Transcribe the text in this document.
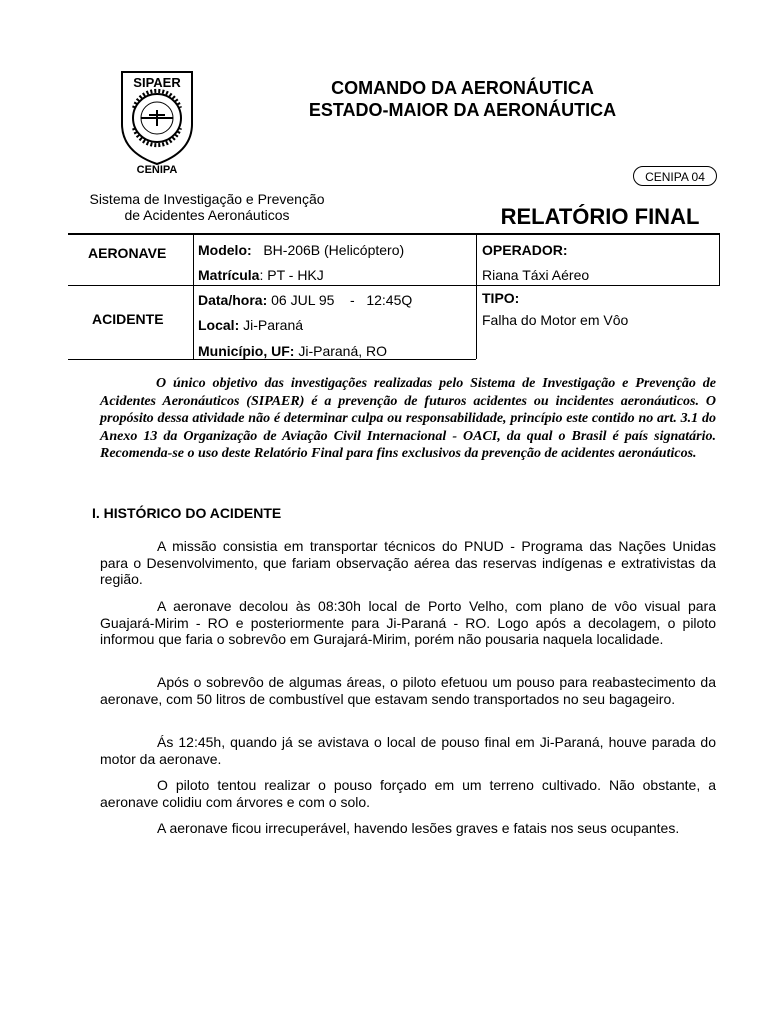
SIPAER
CENIPA
COMANDO DA AERONÁUTICA
ESTADO-MAIOR DA AERONÁUTICA
CENIPA 04
Sistema de Investigação e Prevenção
de Acidentes Aeronáuticos	RELATÓRIO FINAL
AERONAVE Modelo: BH-206B (Helicóptero)
Matrícula: PT - HKJ
OPERADOR:
Riana Táxi Aéreo
ACIDENTE
Data/hora: 06 JUL 95 - 12:45Q
Local: Ji-Paraná
Município, UF: Ji-Paraná, RO
TIPO:
Falha do Motor em Vôo
O único objetivo das investigações realizadas pelo Sistema de Investigação e Prevenção de Acidentes Aeronáuticos (SIPAER) é a prevenção de futuros acidentes ou incidentes aeronáuticos. O propósito dessa atividade não é determinar culpa ou responsabilidade, princípio este contido no art. 3.1 do Anexo 13 da Organização de Aviação Civil Internacional - OACI, da qual o Brasil é país signatário. Recomenda-se o uso deste Relatório Final para fins exclusivos da prevenção de acidentes aeronáuticos.
I. HISTÓRICO DO ACIDENTE
A missão consistia em transportar técnicos do PNUD - Programa das Nações Unidas para o Desenvolvimento, que fariam observação aérea das reservas indígenas e extrativistas da região.
A aeronave decolou às 08:30h local de Porto Velho, com plano de vôo visual para Guajará-Mirim - RO e posteriormente para Ji-Paraná - RO. Logo após a decolagem, o piloto informou que faria o sobrevôo em Gurajará-Mirim, porém não pousaria naquela localidade.
Após o sobrevôo de algumas áreas, o piloto efetuou um pouso para reabastecimento da aeronave, com 50 litros de combustível que estavam sendo transportados no seu bagageiro.
Ás 12:45h, quando já se avistava o local de pouso final em Ji-Paraná, houve parada do motor da aeronave.
O piloto tentou realizar o pouso forçado em um terreno cultivado. Não obstante, a aeronave colidiu com árvores e com o solo.
A aeronave ficou irrecuperável, havendo lesões graves e fatais nos seus ocupantes.
